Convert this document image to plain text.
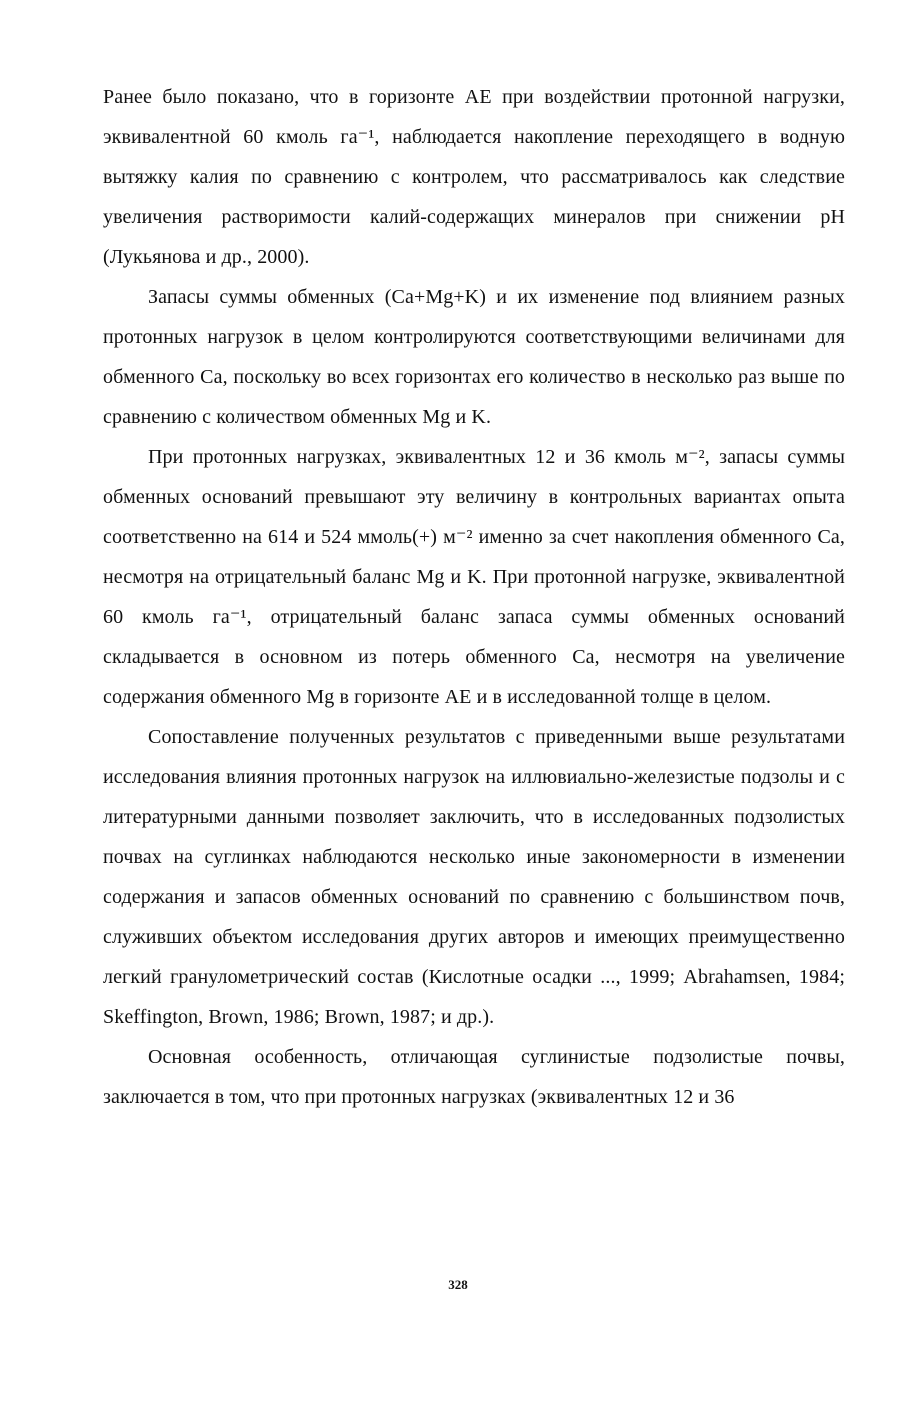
Ранее было показано, что в горизонте AE при воздействии протонной нагрузки, эквивалентной 60 кмоль га⁻¹, наблюдается накопление переходящего в водную вытяжку калия по сравнению с контролем, что рассматривалось как следствие увеличения растворимости калий-содержащих минералов при снижении pH (Лукьянова и др., 2000).

Запасы суммы обменных (Ca+Mg+K) и их изменение под влиянием разных протонных нагрузок в целом контролируются соответствующими величинами для обменного Ca, поскольку во всех горизонтах его количество в несколько раз выше по сравнению с количеством обменных Mg и K.

При протонных нагрузках, эквивалентных 12 и 36 кмоль м⁻², запасы суммы обменных оснований превышают эту величину в контрольных вариантах опыта соответственно на 614 и 524 ммоль(+) м⁻² именно за счет накопления обменного Ca, несмотря на отрицательный баланс Mg и K. При протонной нагрузке, эквивалентной 60 кмоль га⁻¹, отрицательный баланс запаса суммы обменных оснований складывается в основном из потерь обменного Ca, несмотря на увеличение содержания обменного Mg в горизонте AE и в исследованной толще в целом.

Сопоставление полученных результатов с приведенными выше результатами исследования влияния протонных нагрузок на иллювиально-железистые подзолы и с литературными данными позволяет заключить, что в исследованных подзолистых почвах на суглинках наблюдаются несколько иные закономерности в изменении содержания и запасов обменных оснований по сравнению с большинством почв, служивших объектом исследования других авторов и имеющих преимущественно легкий гранулометрический состав (Кислотные осадки ..., 1999; Abrahamsen, 1984; Skeffington, Brown, 1986; Brown, 1987; и др.).

Основная особенность, отличающая суглинистые подзолистые почвы, заключается в том, что при протонных нагрузках (эквивалентных 12 и 36

328
